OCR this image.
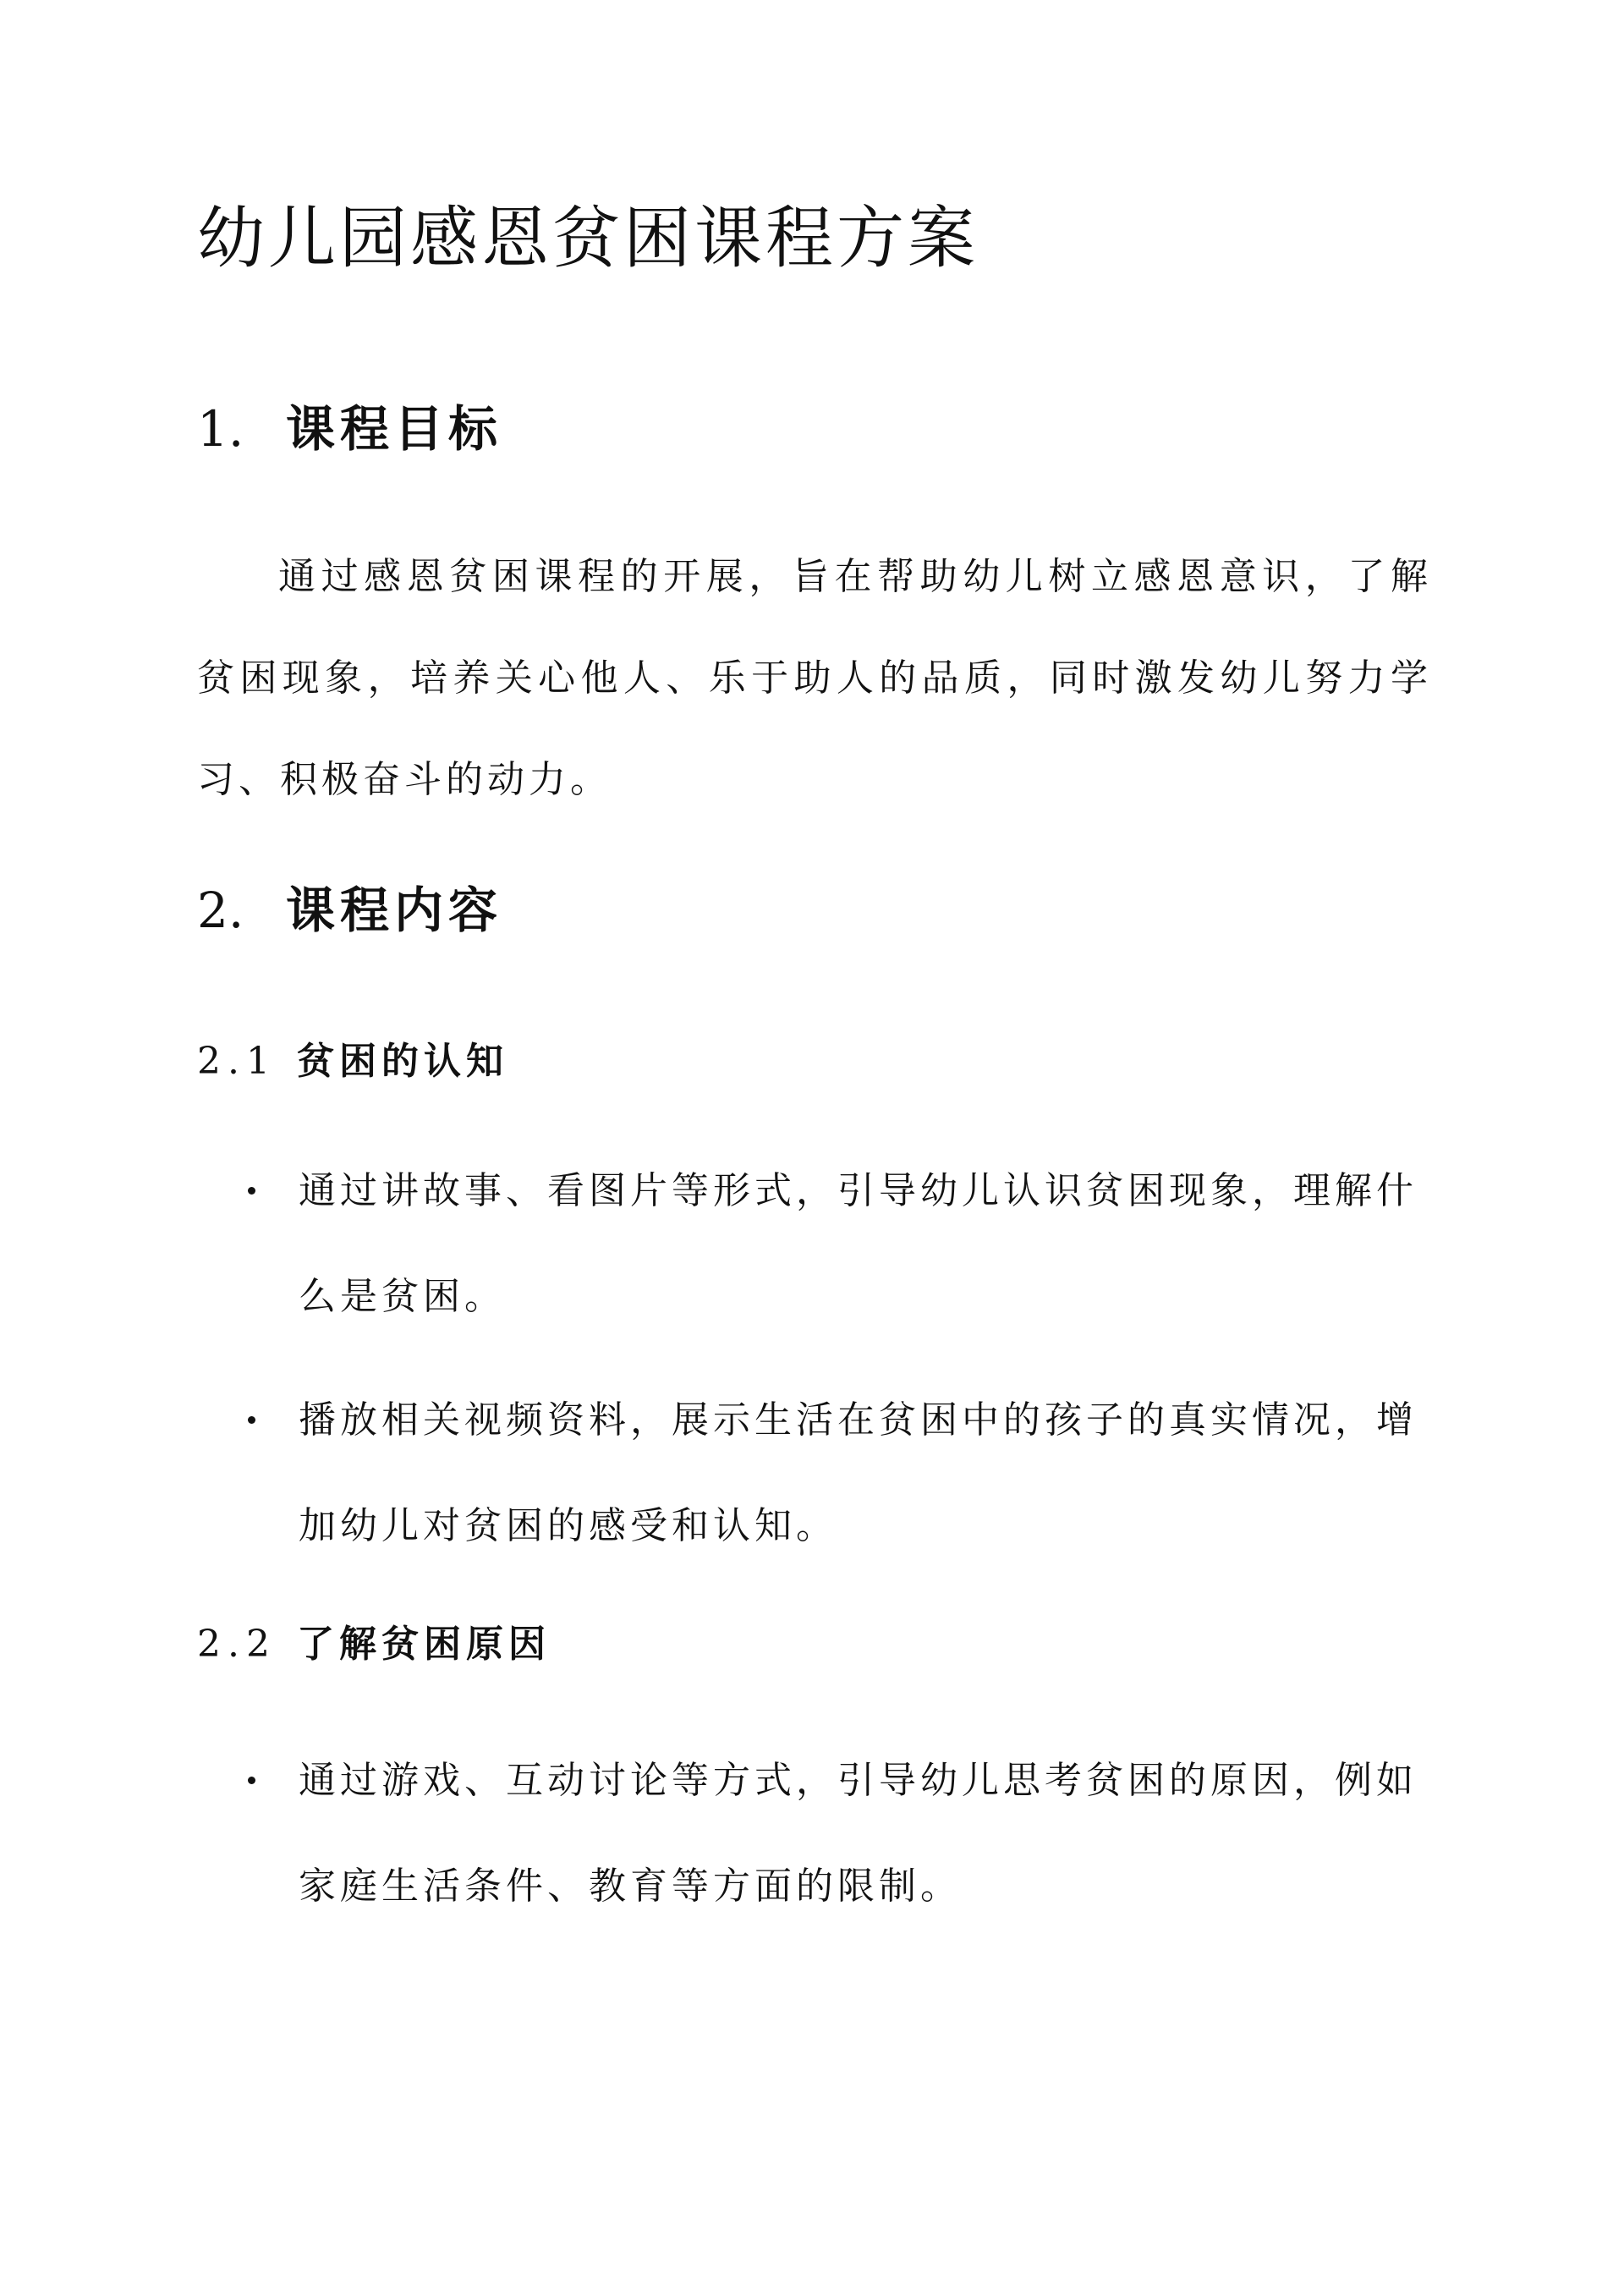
幼儿园感恩贫困课程方案
1. 课程目标

通过感恩贫困课程的开展，旨在帮助幼儿树立感恩意识，了解贫困现象，培养关心他人、乐于助人的品质，同时激发幼儿努力学习、积极奋斗的动力。

2. 课程内容
2.1 贫困的认知
通过讲故事、看图片等形式，引导幼儿认识贫困现象，理解什么是贫困。
播放相关视频资料，展示生活在贫困中的孩子的真实情况，增加幼儿对贫困的感受和认知。
2.2 了解贫困原因
通过游戏、互动讨论等方式，引导幼儿思考贫困的原因，例如家庭生活条件、教育等方面的限制。
